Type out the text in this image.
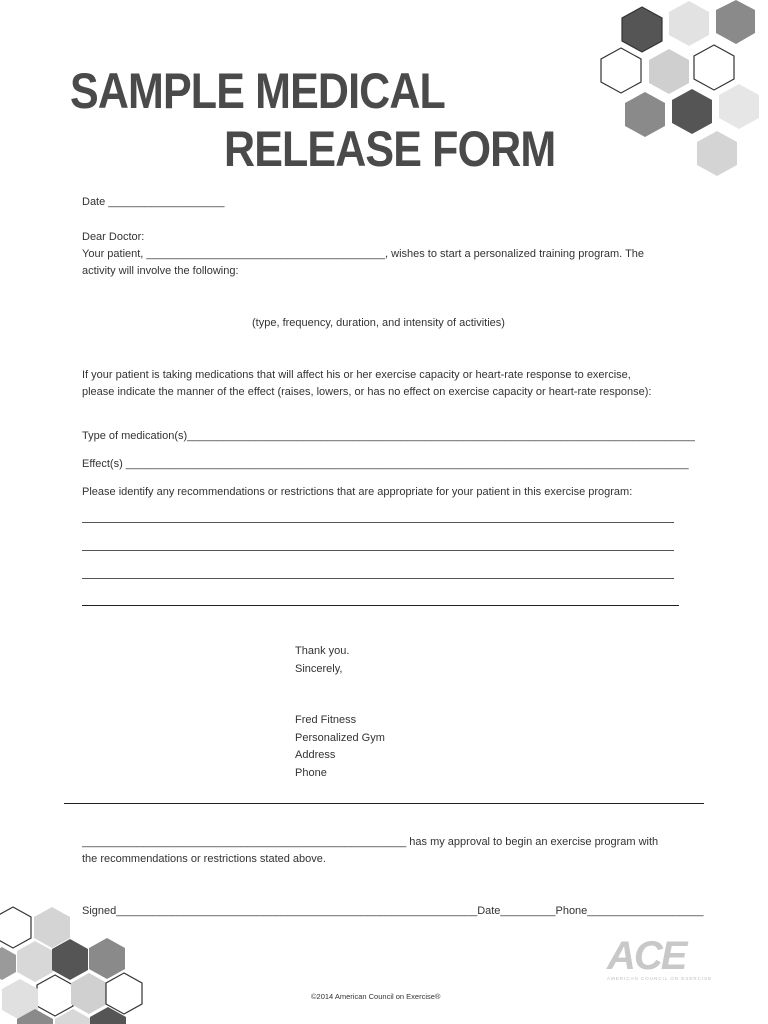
SAMPLE MEDICAL
RELEASE FORM
Date ___________________
Dear Doctor:
Your patient, _______________________________________, wishes to start a personalized training program. The
activity will involve the following:
(type, frequency, duration, and intensity of activities)
If your patient is taking medications that will affect his or her exercise capacity or heart-rate response to exercise,
please indicate the manner of the effect (raises, lowers, or has no effect on exercise capacity or heart-rate response):
Type of medication(s)___________________________________________________________________________________
Effect(s) ____________________________________________________________________________________________
Please identify any recommendations or restrictions that are appropriate for your patient in this exercise program:
Thank you.
Sincerely,
Fred Fitness
Personalized Gym
Address
Phone
_____________________________________________________ has my approval to begin an exercise program with
the recommendations or restrictions stated above.
Signed___________________________________________________________Date_________Phone___________________
ACE
AMERICAN COUNCIL ON EXERCISE
©2014 American Council on Exercise®
